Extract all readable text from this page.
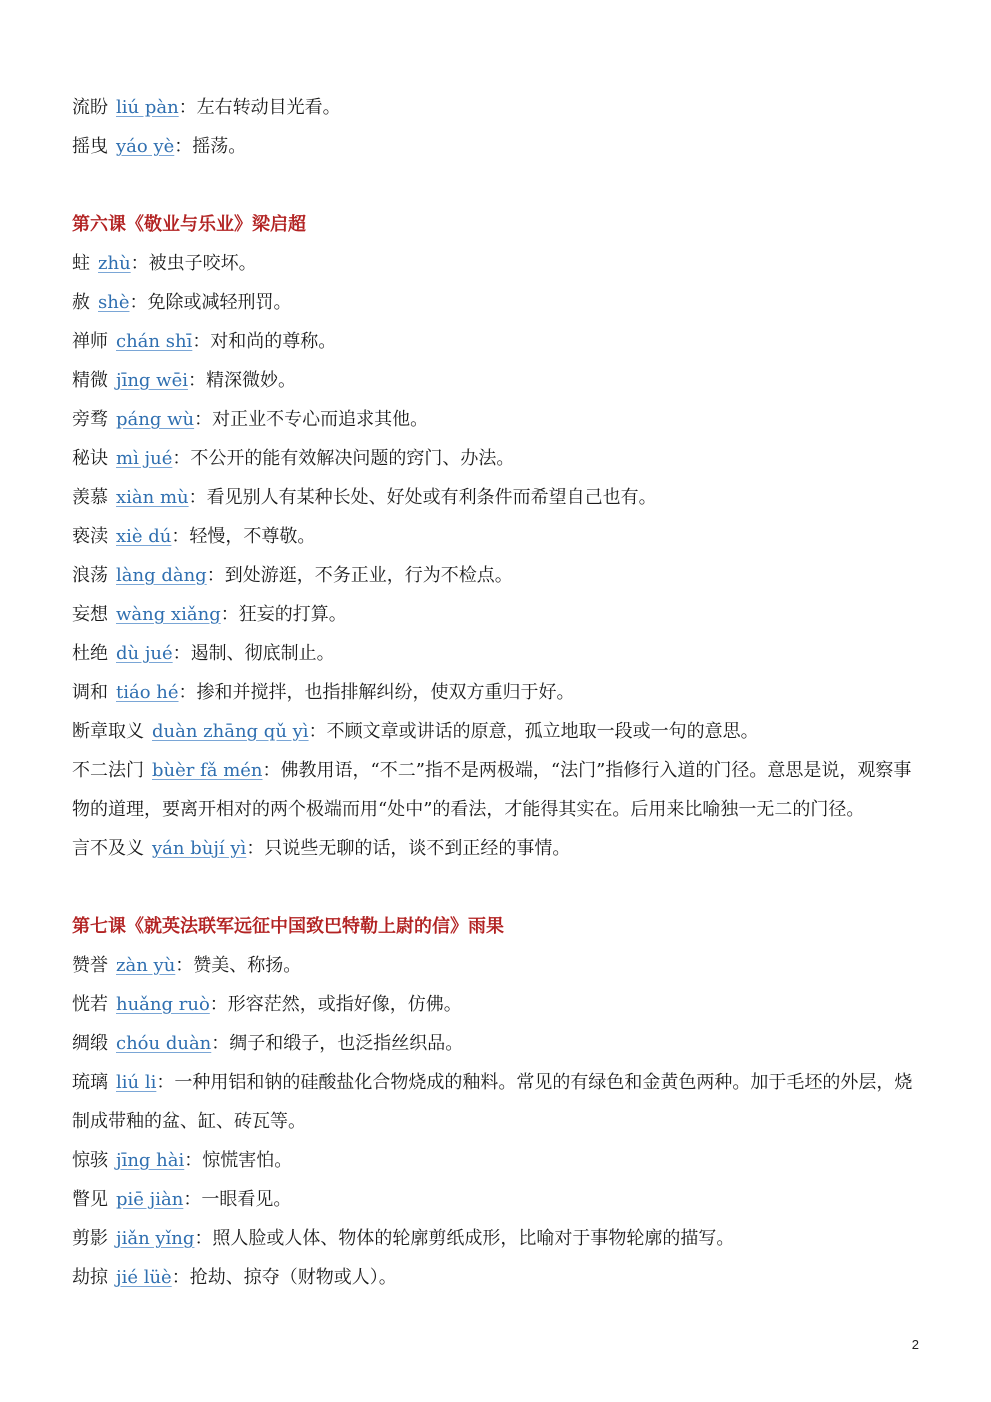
流盼 liú pàn：左右转动目光看。

摇曳 yáo yè：摇荡。

第六课《敬业与乐业》梁启超

蛀 zhù：被虫子咬坏。

赦 shè：免除或减轻刑罚。

禅师 chán shī：对和尚的尊称。

精微 jīng wēi：精深微妙。

旁骛 páng wù：对正业不专心而追求其他。

秘诀 mì jué：不公开的能有效解决问题的窍门、办法。

羡慕 xiàn mù：看见别人有某种长处、好处或有利条件而希望自己也有。

亵渎 xiè dú：轻慢，不尊敬。

浪荡 làng dàng：到处游逛，不务正业，行为不检点。

妄想 wàng xiǎng：狂妄的打算。

杜绝 dù jué：遏制、彻底制止。

调和 tiáo hé：掺和并搅拌，也指排解纠纷，使双方重归于好。

断章取义 duàn zhāng qǔ yì：不顾文章或讲话的原意，孤立地取一段或一句的意思。

不二法门 bùèr fǎ mén：佛教用语，“不二”指不是两极端，“法门”指修行入道的门径。意思是说，观察事物的道理，要离开相对的两个极端而用“处中”的看法，才能得其实在。后用来比喻独一无二的门径。

言不及义 yán bùjí yì：只说些无聊的话，谈不到正经的事情。

第七课《就英法联军远征中国致巴特勒上尉的信》雨果

赞誉 zàn yù：赞美、称扬。

恍若 huǎng ruò：形容茫然，或指好像，仿佛。

绸缎 chóu duàn：绸子和缎子，也泛指丝织品。

琉璃 liú li：一种用铝和钠的硅酸盐化合物烧成的釉料。常见的有绿色和金黄色两种。加于毛坯的外层，烧制成带釉的盆、缸、砖瓦等。

惊骇 jīng hài：惊慌害怕。

瞥见 piē jiàn：一眼看见。

剪影 jiǎn yǐng：照人脸或人体、物体的轮廓剪纸成形，比喻对于事物轮廓的描写。

劫掠 jié lüè：抢劫、掠夺（财物或人）。

2
